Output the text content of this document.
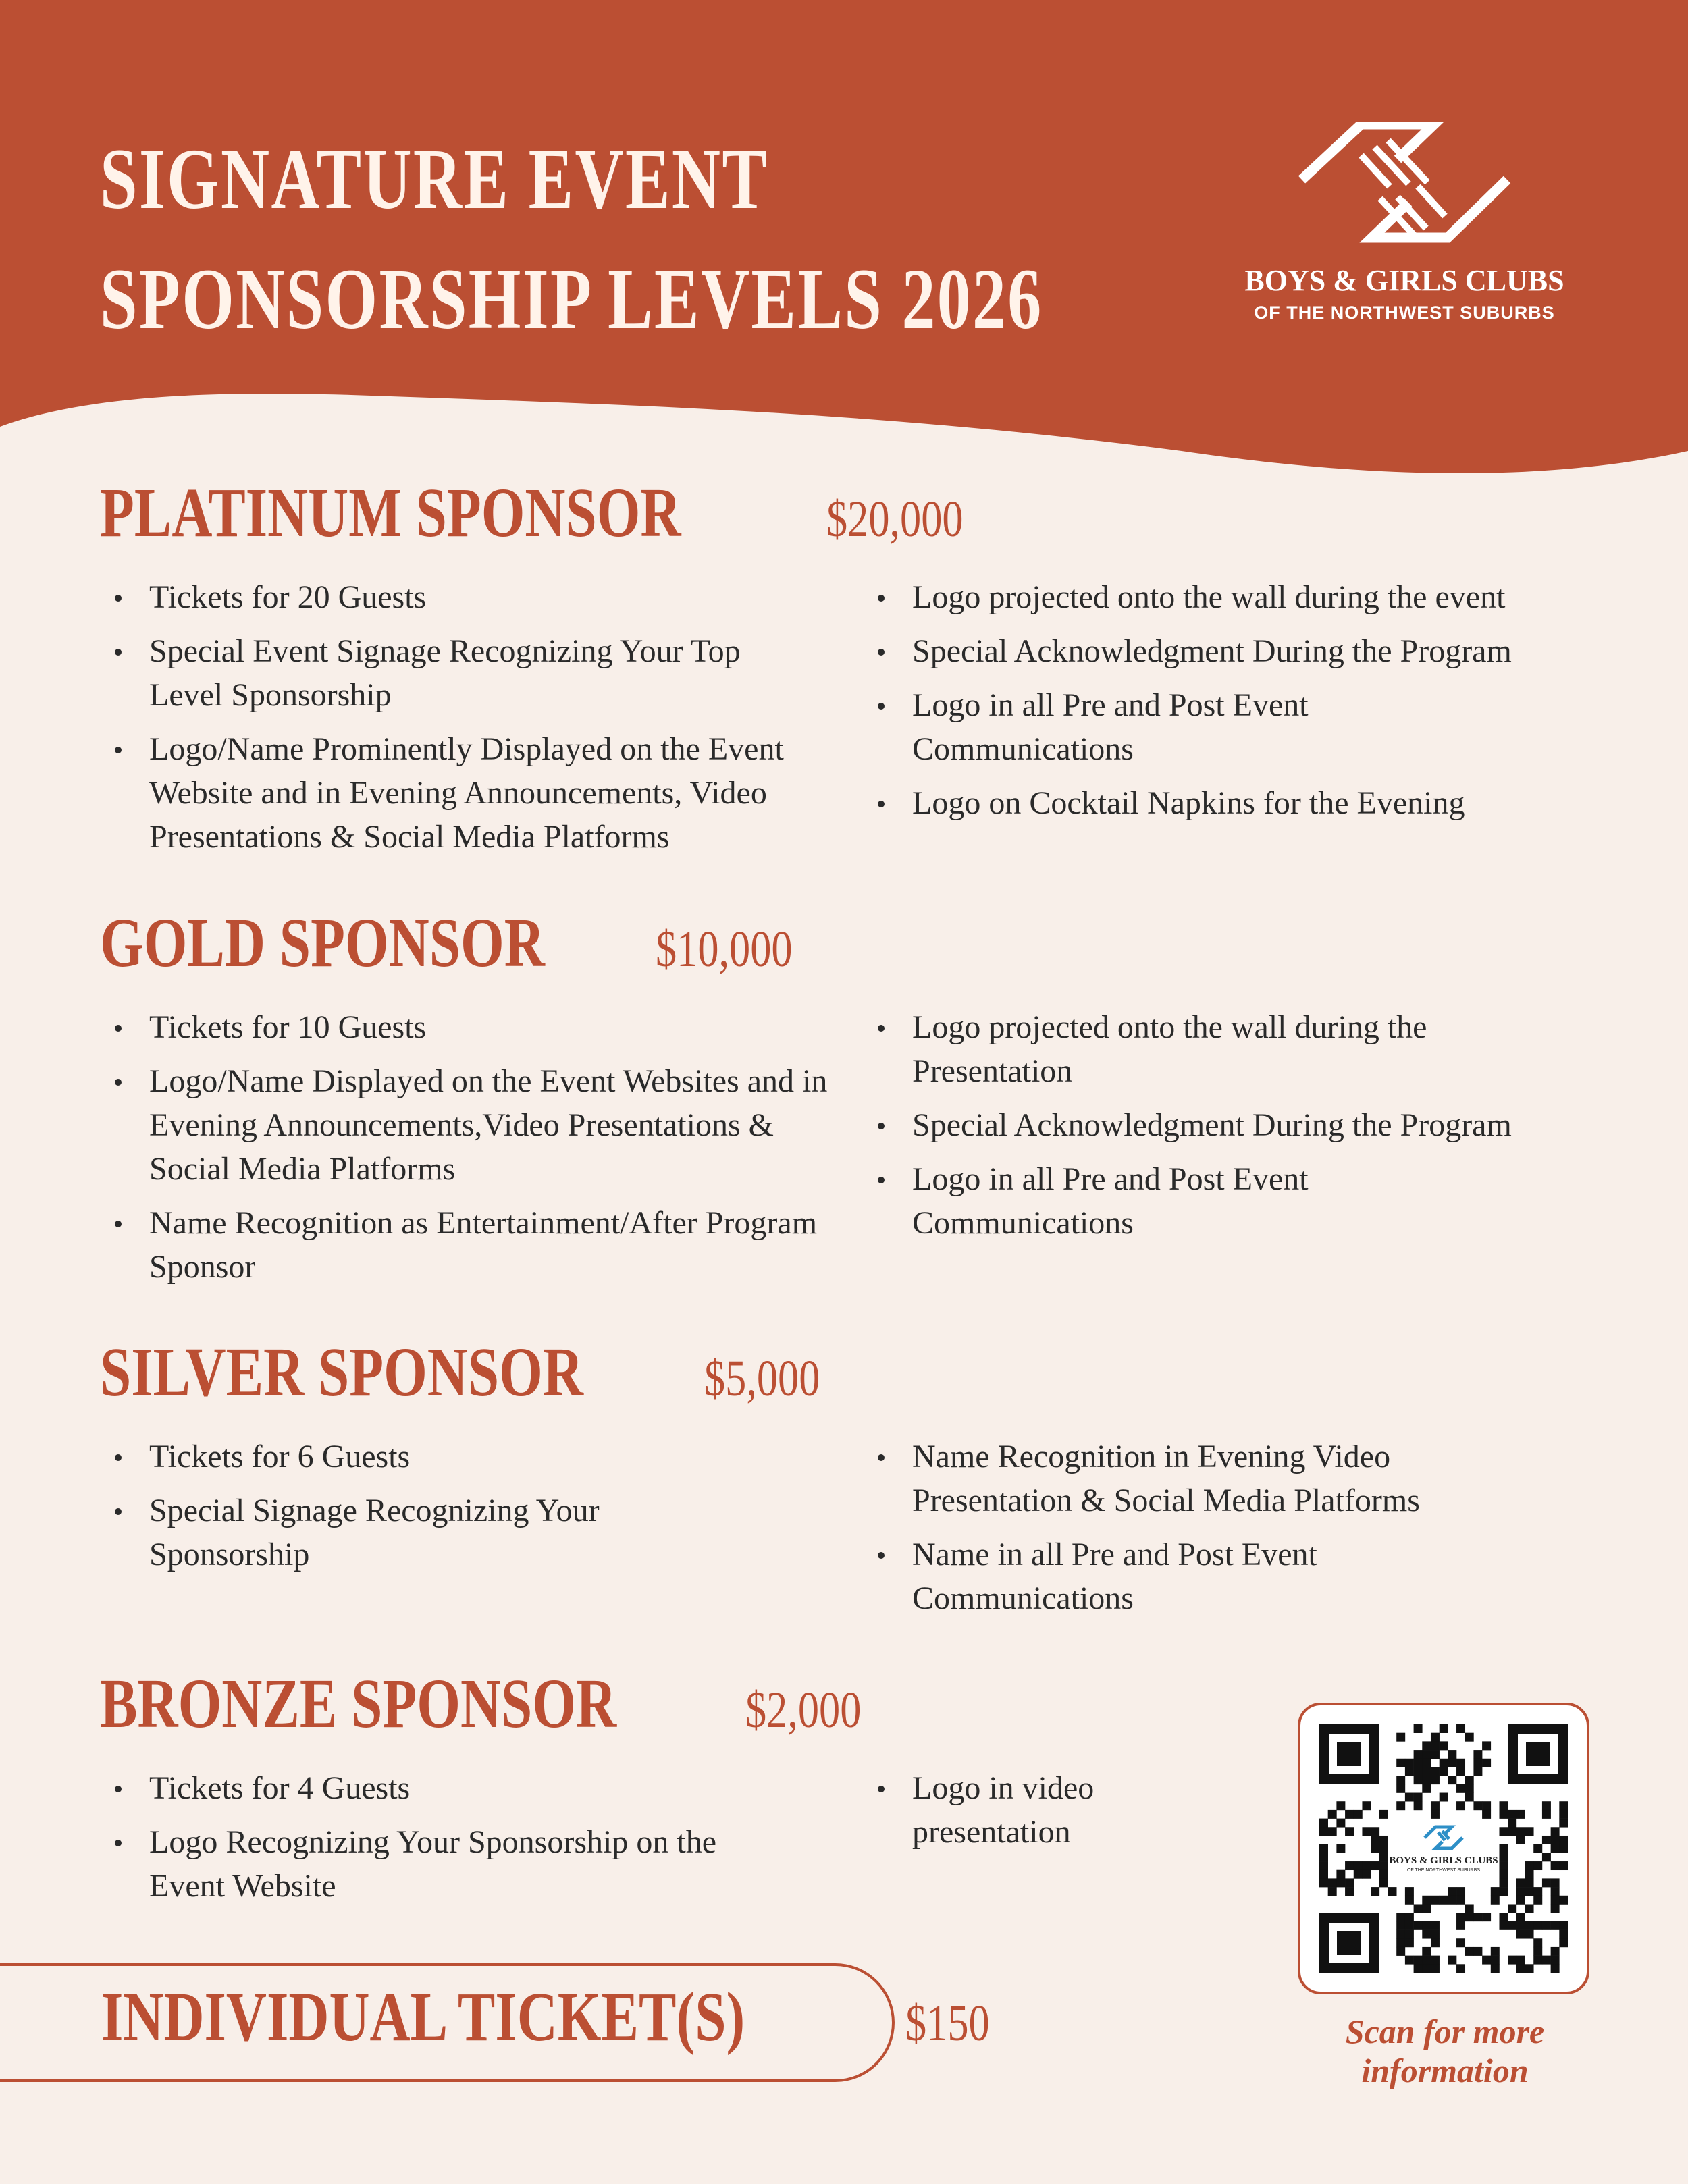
SIGNATURE EVENT
SPONSORSHIP LEVELS 2026	BOYS & GIRLS CLUBS
OF THE NORTHWEST SUBURBS
PLATINUM SPONSOR	$20,000
Tickets for 20 Guests
Special Event Signage Recognizing Your Top Level Sponsorship
Logo/Name Prominently Displayed on the Event Website and in Evening Announcements, Video Presentations & Social Media Platforms
Logo projected onto the wall during the event
Special Acknowledgment During the Program
Logo in all Pre and Post Event Communications
Logo on Cocktail Napkins for the Evening
GOLD SPONSOR $10,000
Tickets for 10 Guests
Logo/Name Displayed on the Event Websites and in Evening Announcements,Video Presentations & Social Media Platforms
Name Recognition as Entertainment/After Program Sponsor
Logo projected onto the wall during the Presentation
Special Acknowledgment During the Program
Logo in all Pre and Post Event Communications
SILVER SPONSOR $5,000
Tickets for 6 Guests
Special Signage Recognizing Your Sponsorship
Name Recognition in Evening Video Presentation & Social Media Platforms
Name in all Pre and Post Event Communications
BRONZE SPONSOR	$2,000
Tickets for 4 Guests
Logo Recognizing Your Sponsorship on the Event Website
Logo in video presentation
INDIVIDUAL TICKET(S)	$150
BOYS & GIRLS CLUBS
OF THE NORTHWEST SUBURBS
Scan for more
information
